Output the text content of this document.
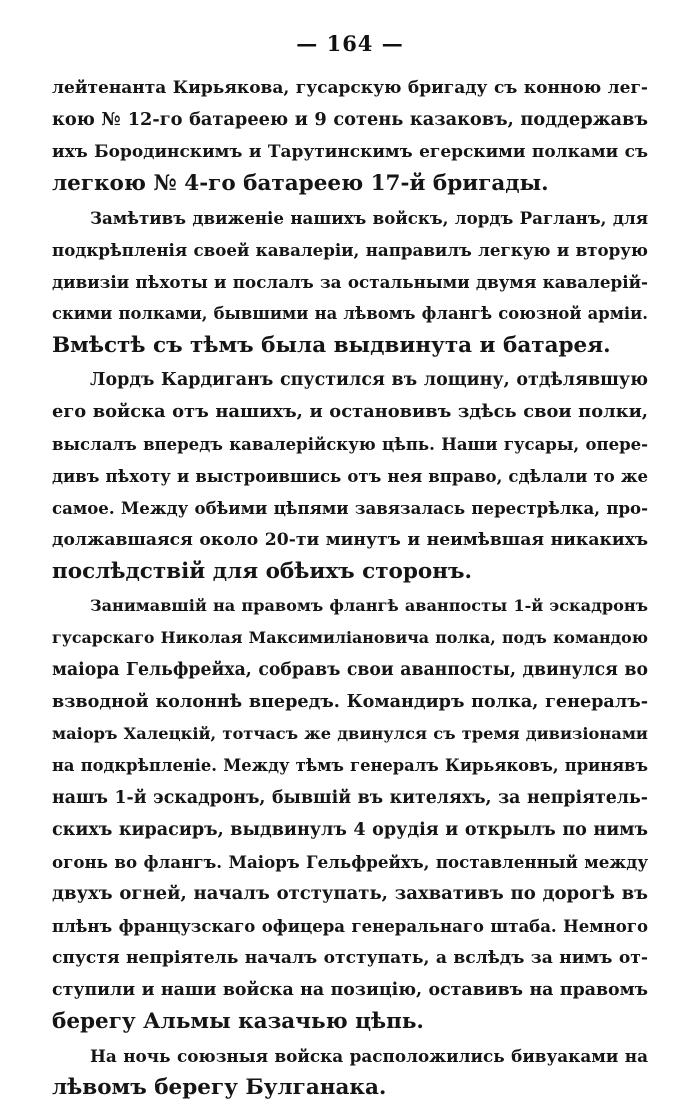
— 164 —
лейтенанта Кирьякова, гусарскую бригаду съ конною лег-
кою № 12-го батареею и 9 сотень казаковъ, поддержавъ
ихъ Бородинскимъ и Тарутинскимъ егерскими полками съ
легкою № 4-го батареею 17-й бригады.
Замѣтивъ движеніе нашихъ войскъ, лордъ Рагланъ, для
подкрѣпленія своей кавалеріи, направилъ легкую и вторую
дивизіи пѣхоты и послалъ за остальными двумя кавалерій-
скими полками, бывшими на лѣвомъ флангѣ союзной арміи.
Вмѣстѣ съ тѣмъ была выдвинута и батарея.
Лордъ Кардиганъ спустился въ лощину, отдѣлявшую
его войска отъ нашихъ, и остановивъ здѣсь свои полки,
выслалъ впередъ кавалерійскую цѣпь. Наши гусары, опере-
дивъ пѣхоту и выстроившись отъ нея вправо, сдѣлали то же
самое. Между обѣими цѣпями завязалась перестрѣлка, про-
должавшаяся около 20-ти минутъ и неимѣвшая никакихъ
послѣдствій для обѣихъ сторонъ.
Занимавшій на правомъ флангѣ аванпосты 1-й эскадронъ
гусарскаго Николая Максимиліановича полка, подъ командою
маіора Гельфрейха, собравъ свои аванпосты, двинулся во
взводной колоннѣ впередъ. Командиръ полка, генералъ-
маіоръ Халецкій, тотчасъ же двинулся съ тремя дивизіонами
на подкрѣпленіе. Между тѣмъ генералъ Кирьяковъ, принявъ
нашъ 1-й эскадронъ, бывшій въ кителяхъ, за непріятель-
скихъ кирасиръ, выдвинулъ 4 орудія и открылъ по нимъ
огонь во флангъ. Маіоръ Гельфрейхъ, поставленный между
двухъ огней, началъ отступать, захвативъ по дорогѣ въ
плѣнъ французскаго офицера генеральнаго штаба. Немного
спустя непріятель началъ отступать, а вслѣдъ за нимъ от-
ступили и наши войска на позицію, оставивъ на правомъ
берегу Альмы казачью цѣпь.
На ночь союзныя войска расположились бивуаками на
лѣвомъ берегу Булганака.
